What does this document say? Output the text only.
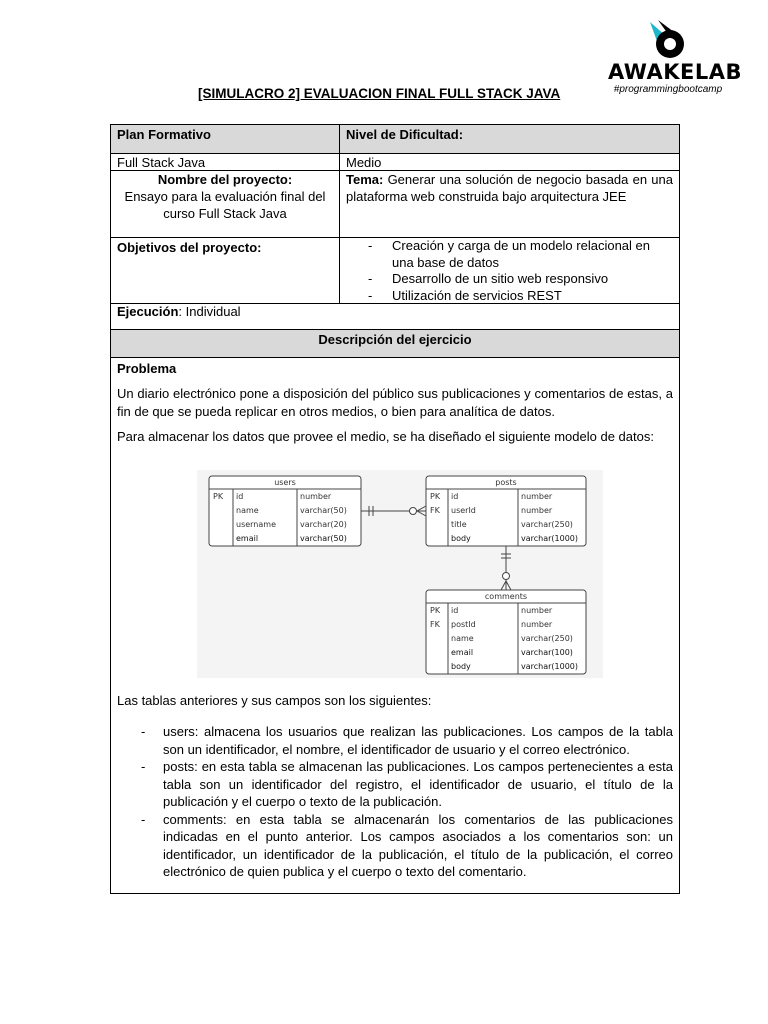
AWAKELAB
#programmingbootcamp
[SIMULACRO 2] EVALUACION FINAL FULL STACK JAVA
Plan Formativo	Nivel de Dificultad:
Full Stack Java	Medio
Nombre del proyecto:
Ensayo para la evaluación final del curso Full Stack Java
Tema: Generar una solución de negocio basada en una plataforma web construida bajo arquitectura JEE
Objetivos del proyecto:
-	Creación y carga de un modelo relacional en una base de datos
- Desarrollo de un sitio web responsivo
- Utilización de servicios REST
Ejecución: Individual
Descripción del ejercicio
Problema

Un diario electrónico pone a disposición del público sus publicaciones y comentarios de estas, a fin de que se pueda replicar en otros medios, o bien para analítica de datos.

Para almacenar los datos que provee el medio, se ha diseñado el siguiente modelo de datos:

Las tablas anteriores y sus campos son los siguientes:

- users: almacena los usuarios que realizan las publicaciones. Los campos de la tabla son un identificador, el nombre, el identificador de usuario y el correo electrónico.
- posts: en esta tabla se almacenan las publicaciones. Los campos pertenecientes a esta tabla son un identificador del registro, el identificador de usuario, el título de la publicación y el cuerpo o texto de la publicación.
- comments: en esta tabla se almacenarán los comentarios de las publicaciones indicadas en el punto anterior. Los campos asociados a los comentarios son: un identificador, un identificador de la publicación, el título de la publicación, el correo electrónico de quien publica y el cuerpo o texto del comentario.
users
PK id	number
name	varchar(50)
username	varchar(20)
email	varchar(50)
posts
PK id	number
FK userId	number
title	varchar(250)
body	varchar(1000)
comments
PK id	number
FK postId	number
name	varchar(250)
email	varchar(100)
body	varchar(1000)
